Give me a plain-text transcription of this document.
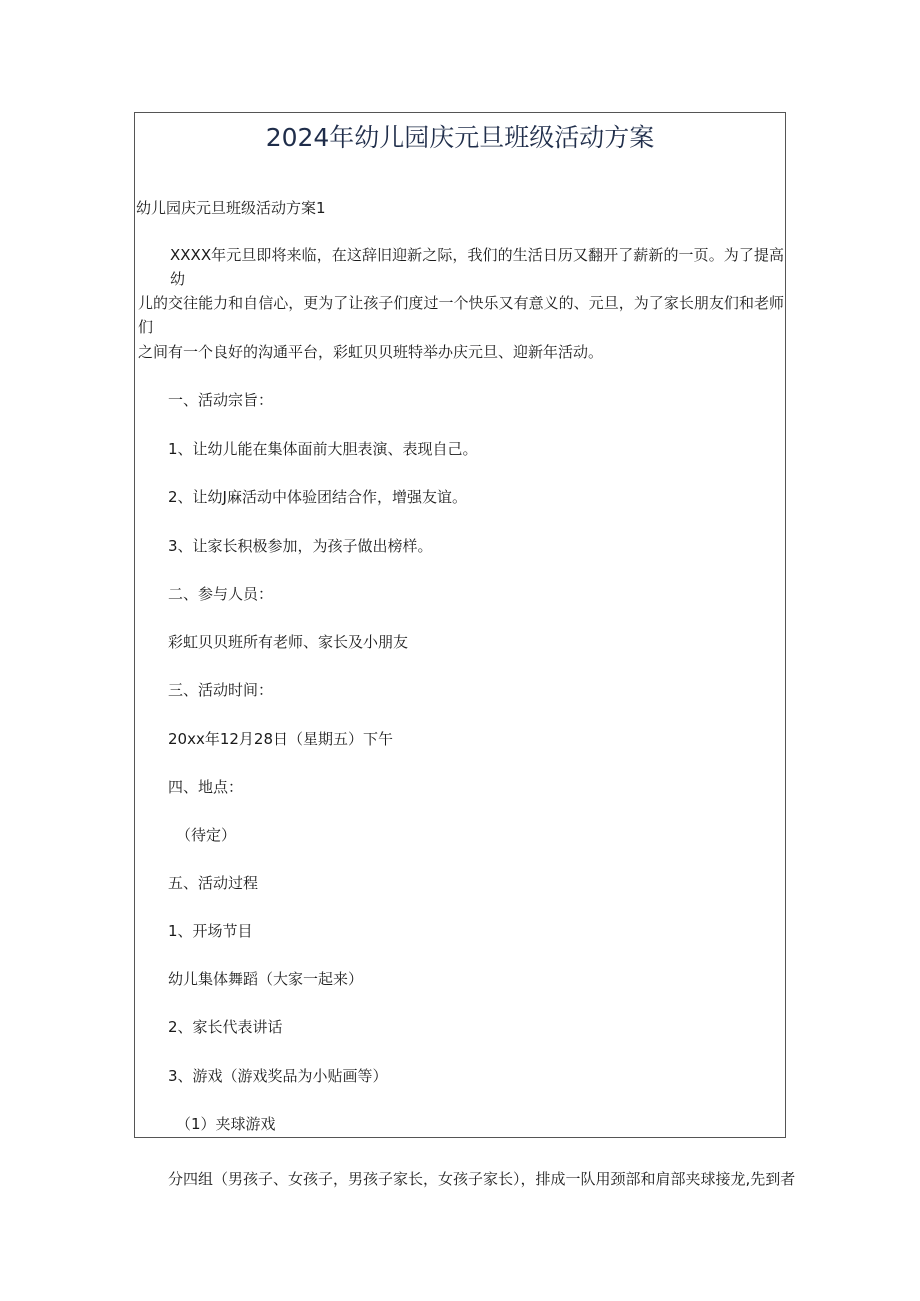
2024年幼儿园庆元旦班级活动方案

幼儿园庆元旦班级活动方案1

XXXX年元旦即将来临，在这辞旧迎新之际，我们的生活日历又翻开了薪新的一页。为了提高幼

儿的交往能力和自信心，更为了让孩子们度过一个快乐又有意义的、元旦，为了家长朋友们和老师们

之间有一个良好的沟通平台，彩虹贝贝班特举办庆元旦、迎新年活动。

一、活动宗旨：

1、让幼儿能在集体面前大胆表演、表现自己。

2、让幼J麻活动中体验团结合作，增强友谊。

3、让家长积极参加，为孩子做出榜样。

二、参与人员：

彩虹贝贝班所有老师、家长及小朋友

三、活动时间：

20xx年12月28日（星期五）下午

四、地点：

（待定）

五、活动过程

1、开场节目

幼儿集体舞蹈（大家一起来）

2、家长代表讲话

3、游戏（游戏奖品为小贴画等）

（1）夹球游戏

分四组（男孩子、女孩子，男孩子家长，女孩子家长），排成一队用颈部和肩部夹球接龙,先到者
